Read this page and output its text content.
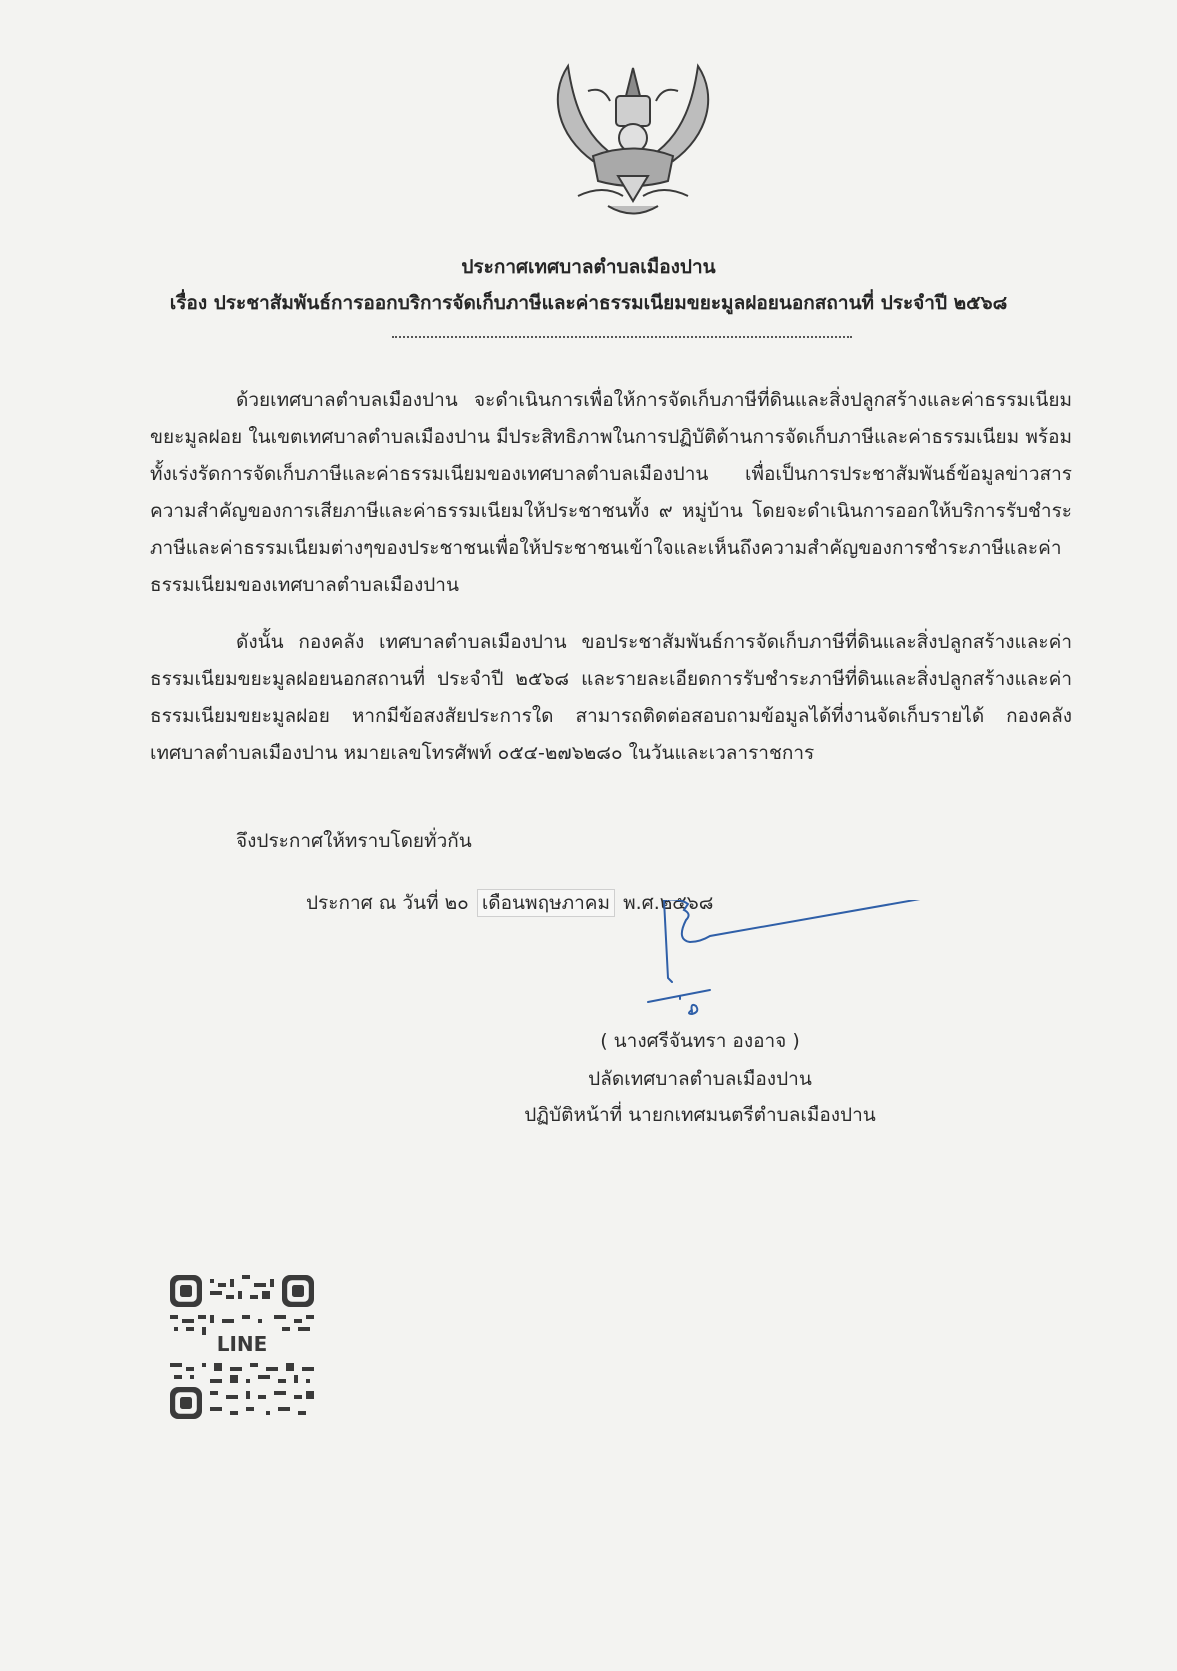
ประกาศเทศบาลตำบลเมืองปาน
เรื่อง ประชาสัมพันธ์การออกบริการจัดเก็บภาษีและค่าธรรมเนียมขยะมูลฝอยนอกสถานที่ ประจำปี ๒๕๖๘
ด้วยเทศบาลตำบลเมืองปาน จะดำเนินการเพื่อให้การจัดเก็บภาษีที่ดินและสิ่งปลูกสร้างและค่าธรรมเนียมขยะมูลฝอย ในเขตเทศบาลตำบลเมืองปาน มีประสิทธิภาพในการปฏิบัติด้านการจัดเก็บภาษีและค่าธรรมเนียม พร้อมทั้งเร่งรัดการจัดเก็บภาษีและค่าธรรมเนียมของเทศบาลตำบลเมืองปาน เพื่อเป็นการประชาสัมพันธ์ข้อมูลข่าวสารความสำคัญของการเสียภาษีและค่าธรรมเนียมให้ประชาชนทั้ง ๙ หมู่บ้าน โดยจะดำเนินการออกให้บริการรับชำระภาษีและค่าธรรมเนียมต่างๆของประชาชนเพื่อให้ประชาชนเข้าใจและเห็นถึงความสำคัญของการชำระภาษีและค่าธรรมเนียมของเทศบาลตำบลเมืองปาน
ดังนั้น กองคลัง เทศบาลตำบลเมืองปาน ขอประชาสัมพันธ์การจัดเก็บภาษีที่ดินและสิ่งปลูกสร้างและค่าธรรมเนียมขยะมูลฝอยนอกสถานที่ ประจำปี ๒๕๖๘ และรายละเอียดการรับชำระภาษีที่ดินและสิ่งปลูกสร้างและค่าธรรมเนียมขยะมูลฝอย หากมีข้อสงสัยประการใด สามารถติดต่อสอบถามข้อมูลได้ที่งานจัดเก็บรายได้ กองคลัง เทศบาลตำบลเมืองปาน หมายเลขโทรศัพท์ ๐๕๔-๒๗๖๒๘๐ ในวันและเวลาราชการ
จึงประกาศให้ทราบโดยทั่วกัน
ประกาศ ณ วันที่ ๒๐ เดือนพฤษภาคม พ.ศ.๒๕๖๘
( นางศรีจันทรา องอาจ )
ปลัดเทศบาลตำบลเมืองปาน
ปฏิบัติหน้าที่ นายกเทศมนตรีตำบลเมืองปาน
LINE
